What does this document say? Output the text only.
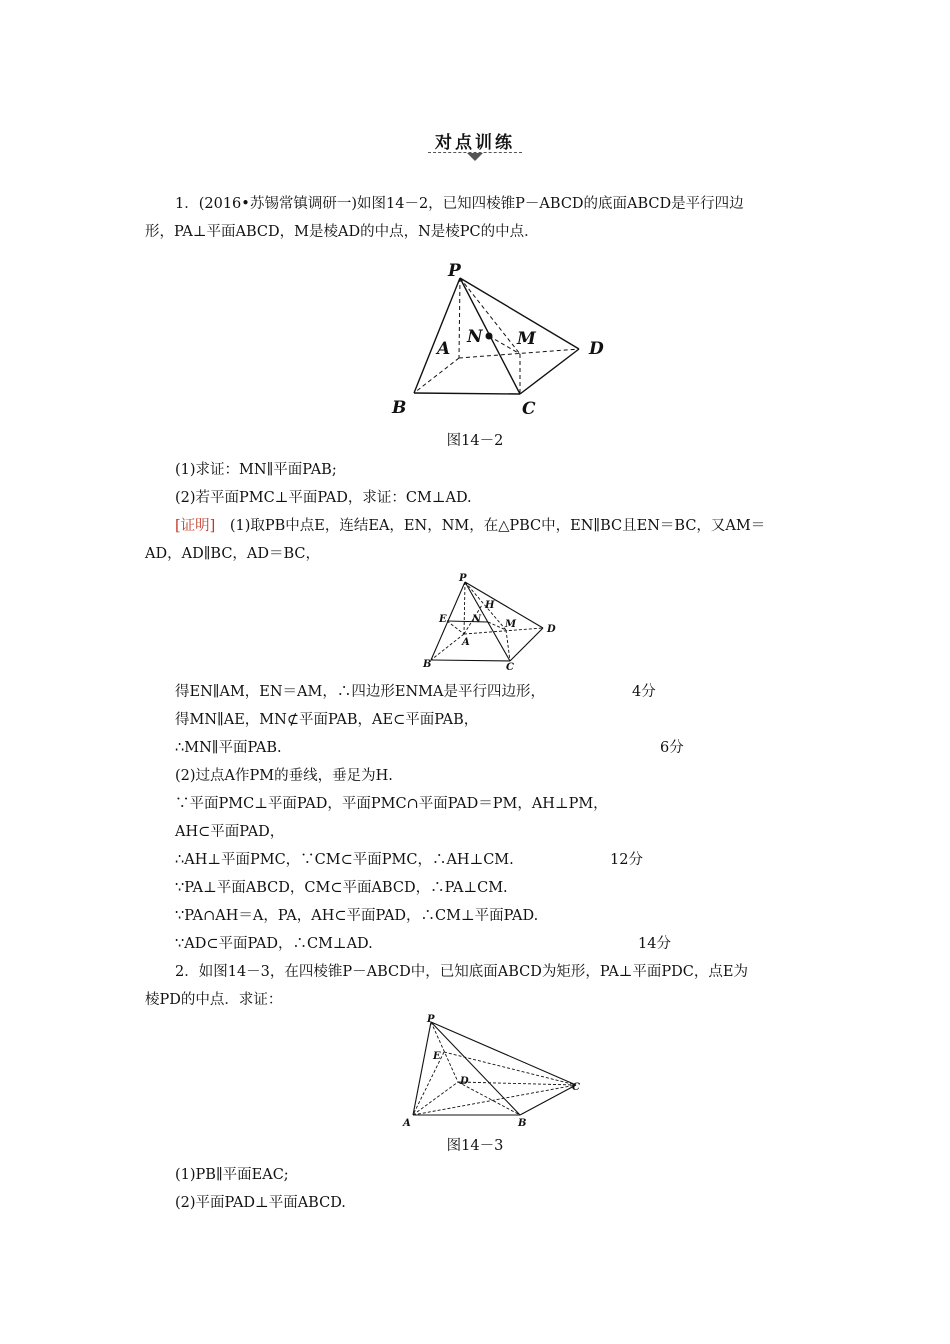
对点训练
1．(2016•苏锡常镇调研一)如图14－2，已知四棱锥P－ABCD的底面ABCD是平行四边
形，PA⊥平面ABCD，M是棱AD的中点，N是棱PC的中点．
P
N M
A	D
B	C
图14－2
(1)求证：MN∥平面PAB;
(2)若平面PMC⊥平面PAD，求证：CM⊥AD.
[证明]　(1)取PB中点E，连结EA，EN，NM，在△PBC中，EN∥BC且EN＝BC，又AM＝
AD，AD∥BC，AD＝BC，
P
H
E	N M	D
A
B	C
得EN∥AM，EN＝AM，∴四边形ENMA是平行四边形，	4分
得MN∥AE，MN⊄平面PAB，AE⊂平面PAB，
∴MN∥平面PAB.	6分
(2)过点A作PM的垂线，垂足为H.
∵平面PMC⊥平面PAD，平面PMC∩平面PAD＝PM，AH⊥PM，
AH⊂平面PAD，
∴AH⊥平面PMC，∵CM⊂平面PMC，∴AH⊥CM.	12分
∵PA⊥平面ABCD，CM⊂平面ABCD，∴PA⊥CM.
∵PA∩AH＝A，PA，AH⊂平面PAD，∴CM⊥平面PAD.
∵AD⊂平面PAD，∴CM⊥AD.	14分
2．如图14－3，在四棱锥P－ABCD中，已知底面ABCD为矩形，PA⊥平面PDC，点E为
棱PD的中点．求证：
P
E
D
C
A	B
图14－3
(1)PB∥平面EAC;
(2)平面PAD⊥平面ABCD.
